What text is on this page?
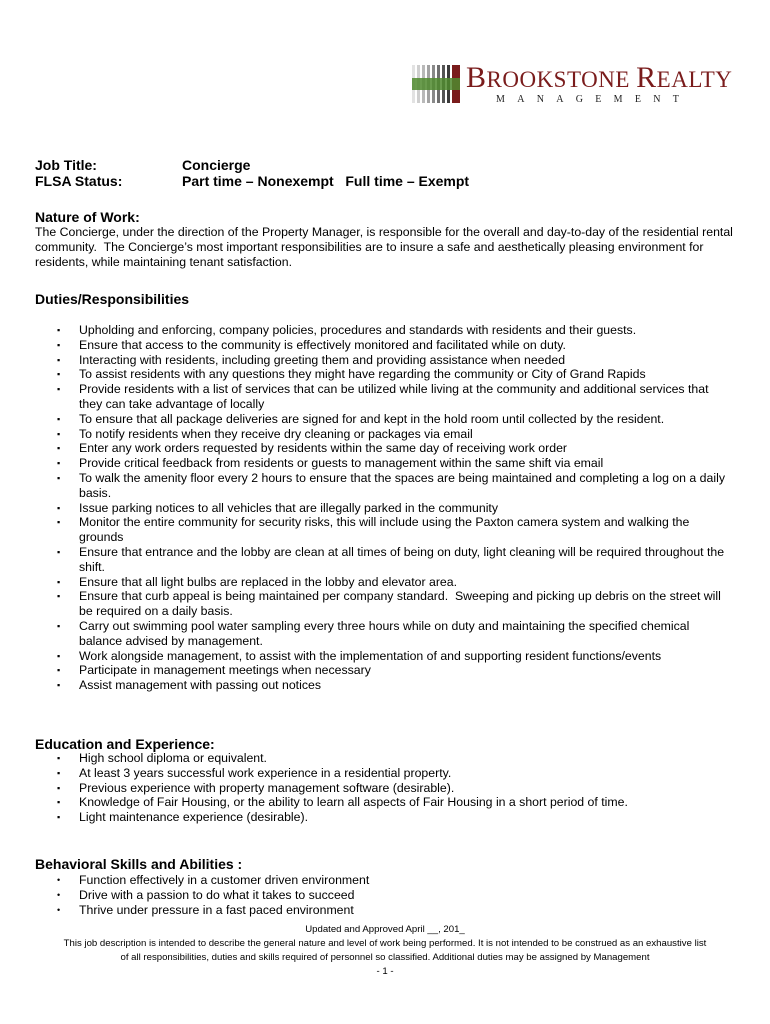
BROOKSTONE REALTY
MANAGEMENT
Job Title:	Concierge
FLSA Status:	Part time – Nonexempt   Full time – Exempt
Nature of Work:
The Concierge, under the direction of the Property Manager, is responsible for the overall and day-to-day of the residential rental community.  The Concierge’s most important responsibilities are to insure a safe and aesthetically pleasing environment for residents, while maintaining tenant satisfaction.
Duties/Responsibilities
▪ Upholding and enforcing, company policies, procedures and standards with residents and their guests.
▪ Ensure that access to the community is effectively monitored and facilitated while on duty.
▪ Interacting with residents, including greeting them and providing assistance when needed
▪ To assist residents with any questions they might have regarding the community or City of Grand Rapids
▪ Provide residents with a list of services that can be utilized while living at the community and additional services that they can take advantage of locally
▪ To ensure that all package deliveries are signed for and kept in the hold room until collected by the resident.
▪ To notify residents when they receive dry cleaning or packages via email
▪ Enter any work orders requested by residents within the same day of receiving work order
▪ Provide critical feedback from residents or guests to management within the same shift via email
▪ To walk the amenity floor every 2 hours to ensure that the spaces are being maintained and completing a log on a daily basis.
▪ Issue parking notices to all vehicles that are illegally parked in the community
▪ Monitor the entire community for security risks, this will include using the Paxton camera system and walking the grounds
▪ Ensure that entrance and the lobby are clean at all times of being on duty, light cleaning will be required throughout the shift.
▪ Ensure that all light bulbs are replaced in the lobby and elevator area.
▪ Ensure that curb appeal is being maintained per company standard.  Sweeping and picking up debris on the street will be required on a daily basis.
▪ Carry out swimming pool water sampling every three hours while on duty and maintaining the specified chemical balance advised by management.
▪ Work alongside management, to assist with the implementation of and supporting resident functions/events
▪ Participate in management meetings when necessary
▪ Assist management with passing out notices
Education and Experience:
▪ High school diploma or equivalent.
▪ At least 3 years successful work experience in a residential property.
▪ Previous experience with property management software (desirable).
▪ Knowledge of Fair Housing, or the ability to learn all aspects of Fair Housing in a short period of time.
▪ Light maintenance experience (desirable).
Behavioral Skills and Abilities :
• Function effectively in a customer driven environment
• Drive with a passion to do what it takes to succeed
• Thrive under pressure in a fast paced environment
Updated and Approved April __, 201_
This job description is intended to describe the general nature and level of work being performed. It is not intended to be construed as an exhaustive list
of all responsibilities, duties and skills required of personnel so classified. Additional duties may be assigned by Management
- 1 -
